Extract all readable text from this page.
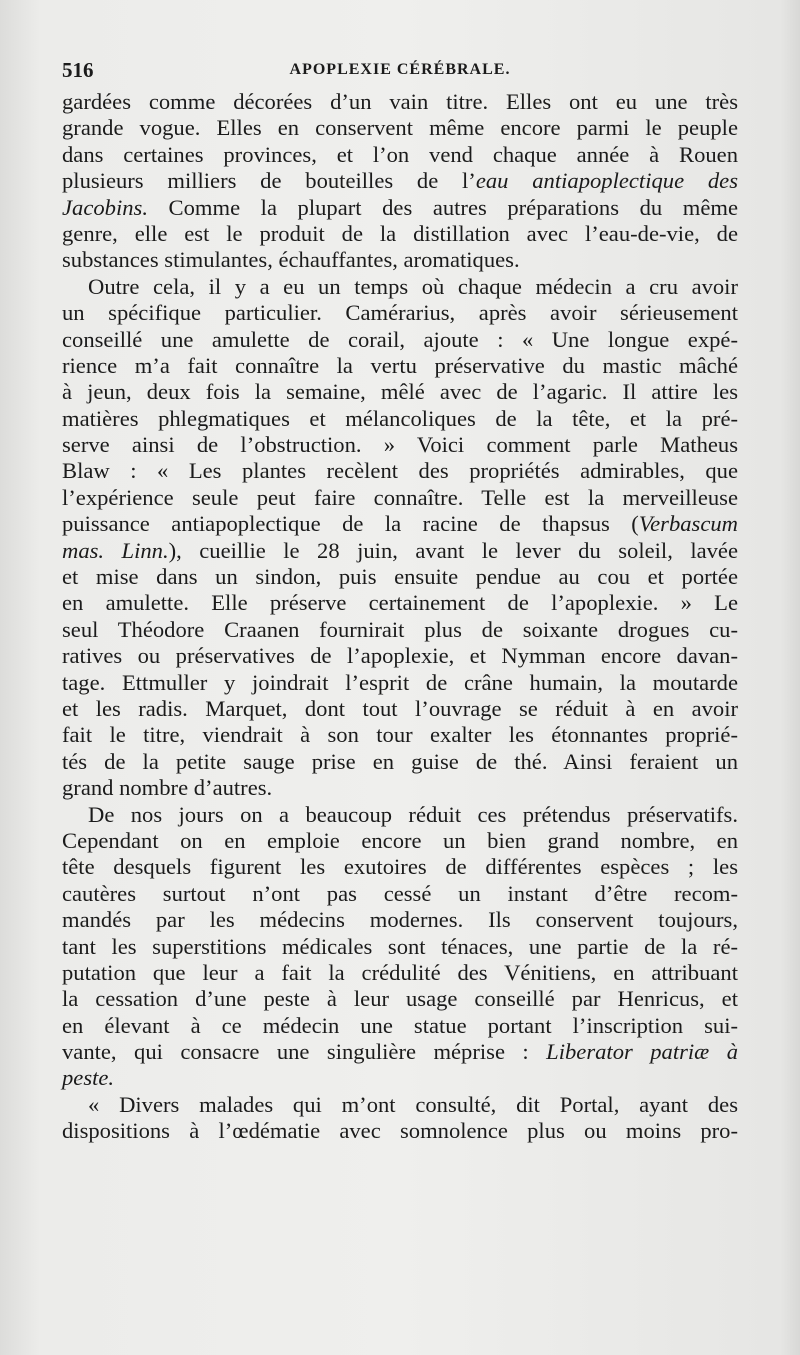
516	APOPLEXIE CÉRÉBRALE.
gardées comme décorées d’un vain titre. Elles ont eu une très
grande vogue. Elles en conservent même encore parmi le peuple
dans certaines provinces, et l’on vend chaque année à Rouen
plusieurs milliers de bouteilles de l’eau antiapoplectique des
Jacobins. Comme la plupart des autres préparations du même
genre, elle est le produit de la distillation avec l’eau-de-vie, de
substances stimulantes, échauffantes, aromatiques.
Outre cela, il y a eu un temps où chaque médecin a cru avoir
un spécifique particulier. Camérarius, après avoir sérieusement
conseillé une amulette de corail, ajoute : « Une longue expé-
rience m’a fait connaître la vertu préservative du mastic mâché
à jeun, deux fois la semaine, mêlé avec de l’agaric. Il attire les
matières phlegmatiques et mélancoliques de la tête, et la pré-
serve ainsi de l’obstruction. » Voici comment parle Matheus
Blaw : « Les plantes recèlent des propriétés admirables, que
l’expérience seule peut faire connaître. Telle est la merveilleuse
puissance antiapoplectique de la racine de thapsus (Verbascum
mas. Linn.), cueillie le 28 juin, avant le lever du soleil, lavée
et mise dans un sindon, puis ensuite pendue au cou et portée
en amulette. Elle préserve certainement de l’apoplexie. » Le
seul Théodore Craanen fournirait plus de soixante drogues cu-
ratives ou préservatives de l’apoplexie, et Nymman encore davan-
tage. Ettmuller y joindrait l’esprit de crâne humain, la moutarde
et les radis. Marquet, dont tout l’ouvrage se réduit à en avoir
fait le titre, viendrait à son tour exalter les étonnantes proprié-
tés de la petite sauge prise en guise de thé. Ainsi feraient un
grand nombre d’autres.
De nos jours on a beaucoup réduit ces prétendus préservatifs.
Cependant on en emploie encore un bien grand nombre, en
tête desquels figurent les exutoires de différentes espèces ; les
cautères surtout n’ont pas cessé un instant d’être recom-
mandés par les médecins modernes. Ils conservent toujours,
tant les superstitions médicales sont ténaces, une partie de la ré-
putation que leur a fait la crédulité des Vénitiens, en attribuant
la cessation d’une peste à leur usage conseillé par Henricus, et
en élevant à ce médecin une statue portant l’inscription sui-
vante, qui consacre une singulière méprise : Liberator patriæ à
peste.
« Divers malades qui m’ont consulté, dit Portal, ayant des
dispositions à l’œdématie avec somnolence plus ou moins pro-
